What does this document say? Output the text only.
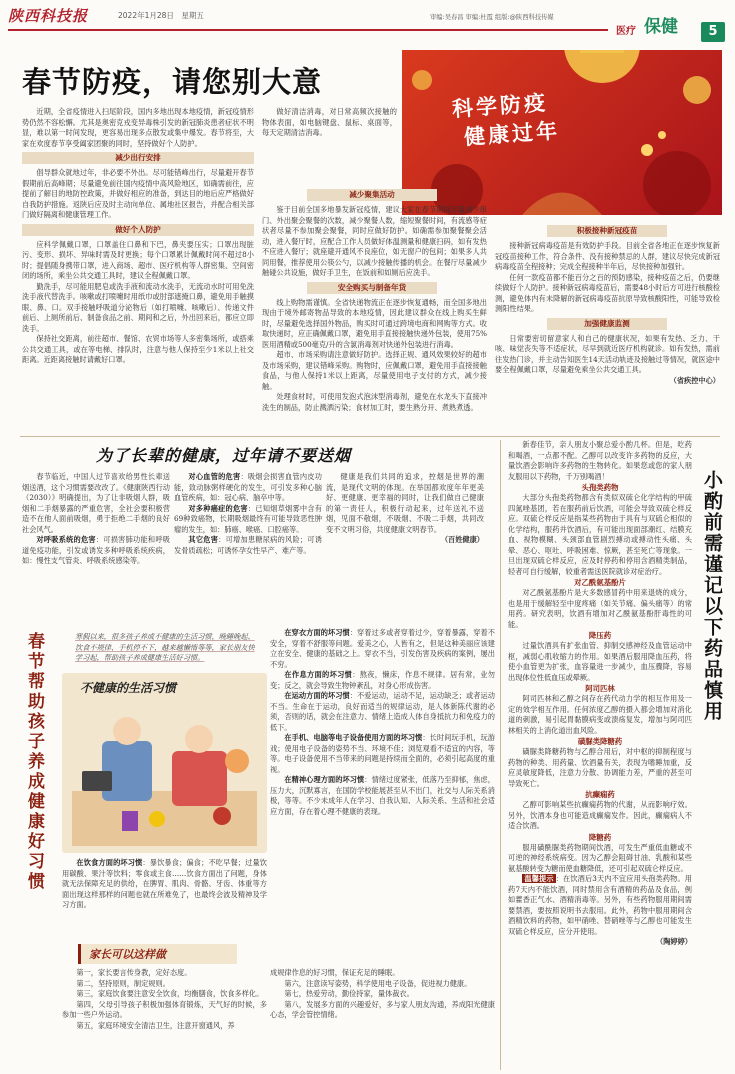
陕西科技报	2022年1月28日　星期五	审编:吴春昌 审编:杜霞 组版:@陕西科技传媒
医疗 保健	5
春节防疫，请您别大意
科学防疫
健康过年

近期，全省疫情进入扫尾阶段，国内多地出现本地疫情，新冠疫情形势仍然不容松懈。尤其是奥密克戎变异毒株引发的新冠肺炎患者症状不明显，难以第一时间发现，更容易出现多点散发或集中爆发。春节将至，大家在欢度春节享受阖家团聚的同时，坚持做好个人防护。

减少出行安排

倡导群众就地过年，非必要不外出。尽可能错峰出行，尽量避开春节假期前后高峰期；尽量避免前往国内疫情中高风险地区，如确需前往，应提前了解目的地防控政策，并做好相应的准备，到达目的地后应严格做好自我防护措施。返陕后应及时主动向单位、属地社区报告，并配合相关部门做好隔离和健康管理工作。

做好个人防护

应科学佩戴口罩，口罩盖住口鼻和下巴，鼻夹要压实；口罩出现脏污、变形、损坏、异味时需及时更换；每个口罩累计佩戴时间不超过8小时；提倡随身携带口罩，进入商场、超市、医疗机构等人群密集、空间密闭的场所，乘坐公共交通工具时，建议全程佩戴口罩。

勤洗手，尽可能用肥皂或洗手液和流动水洗手，无流动水时可用免洗洗手液代替洗手。咳嗽或打喷嚏时用纸巾或肘部遮掩口鼻，避免用手触摸眼、鼻、口。双手接触呼吸道分泌物后（如打喷嚏、咳嗽后）、传递文件前后、上厕所前后、制备食品之前、期间和之后，外出回来后，都应立即洗手。

保持社交距离，前往超市、餐馆、农贸市场等人多密集场所，或搭乘公共交通工具，或在等电梯、排队时，注意与他人保持至少1米以上社交距离。近距离接触时请戴好口罩。

做好清洁消毒，对日常高频次接触的物体表面，如电脑键盘、鼠标、桌面等，每天定期清洁消毒。

减少聚集活动

鉴于目前全国多地暴发新冠疫情，建议大家在春节期间尽量减少串门、外出聚会聚餐的次数，减少聚餐人数，缩短聚餐时间，有流感等症状者尽量不参加聚会聚餐，同时应做好防护。如确需参加聚餐聚会活动，进入餐厅时，应配合工作人员做好体温测量和健康扫码，如有发热不应进入餐厅；就座避开通风不良座位，如无窗户的包间；如果多人共同用餐，推荐使用公筷公勺，以减少接触传播的机会。在餐厅尽量减少触碰公共设施，做好手卫生，在饭前和如厕后应洗手。

安全购买与制备年货

线上购物需谨慎。全省快递物流正在逐步恢复通畅，而全国多地出现由于境外邮寄物品导致的本地疫情，因此建议群众在线上购买生鲜时，尽量避免选择国外物品，购买时可通过跨境电商和网购等方式。收取快递时，应正确佩戴口罩，避免用手直接接触快递外包装，使用75%医用酒精或500毫克/升的含氯消毒剂对快递外包装进行消毒。

超市、市场采购请注意做好防护。选择正规、通风效果较好的超市及市场采购，建议错峰采购。购物时，应佩戴口罩，避免用手直接接触食品，与他人保持1米以上距离，尽量使用电子支付的方式，减少接触。

处理食材时，可使用发泡式泡沫型消毒剂，避免在水龙头下直接冲洗生的制品，防止溅洒污染；食材加工时，要生熟分开、煮熟煮透。

积极接种新冠疫苗

接种新冠病毒疫苗是有效防护手段。目前全省各地正在逐步恢复新冠疫苗接种工作，符合条件、没有接种禁忌的人群，建议尽快完成新冠病毒疫苗全程接种；完成全程接种半年后，尽快接种加强针。

任何一款疫苗都不能百分之百的预防感染，接种疫苗之后，仍要继续做好个人防护。接种新冠病毒疫苗后，需要48小时后方可进行核酸检测，避免体内有未降解的新冠病毒疫苗抗原导致核酸阳性，可能导致检测阳性结果。

加强健康监测

日常要密切留意家人和自己的健康状况，如果有发热、乏力、干咳、味觉丧失等不适症状，尽早到就近医疗机构就诊。如有发热，需前往发热门诊，并主动告知医生14天活动轨迹及接触过等情况，就医途中要全程佩戴口罩，尽量避免乘坐公共交通工具。

（省疾控中心）
为了长辈的健康，过年请不要送烟

春节临近，中国人过节喜欢给男性长辈送烟送酒，这个习惯需要改改了。《健康陕西行动（2030）》明确提出，为了让非吸烟人群，吸烟和二手烟暴露的严重危害，全社会要积极营造不在他人面前吸烟，勇于拒绝二手烟的良好社会风气。

对呼吸系统的危害：可损害肺功能和呼吸道免疫功能，引发或诱发多种呼吸系统疾病，如：慢性支气管炎、呼吸系统感染等。

对心血管的危害：吸烟会损害血管内皮功能，致动脉粥样硬化的发生，可引发多种心脑血管疾病，如：冠心病、脑卒中等。

对多种癌症的危害：已知烟草烟雾中含有69种致癌物，长期吸烟最终有可能导致恶性肿瘤的发生，如：肺癌、喉癌、口腔癌等。

其它危害：可增加患糖尿病的风险；可诱发骨质疏松；可诱怀孕女性早产、难产等。

健康是我们共同的追求，控烟是世界的潮流，是现代文明的体现。在举国都欢度年年更美好、更健康、更幸福的同时，让我们做自己健康的第一责任人，积极行动起来，过年送礼不送烟，见面不敬烟，不吸烟、不吸二手烟，共同改变不文明习俗，共度健康文明春节。

（百姓健康）	小酌前需谨记以下药品慎用

新春佳节，亲人朋友小聚总爱小酌几杯。但是，吃药和喝酒，一点都不配。乙醇可以改变许多药物的反应，大量饮酒会影响许多药物的生物转化。如果您或您的家人朋友服用以下药物，千万别喝酒！

头孢类药物

大部分头孢类药物都含有类似双硫仑化学结构的甲硫四氮唑基团，若在服药前后饮酒，可能会导致双硫仑样反应。双硫仑样反应是指某些药物由于具有与双硫仑相似的化学结构，服药并饮酒后，有可能出现面部潮红、结膜充血、视物模糊、头颈部血管剧烈搏动或搏动性头痛、头晕、恶心、呕吐、呼吸困难、惊厥，甚至死亡等现象。一旦出现双硫仑样反应，应及时停药和停用含酒精类制品，轻者可自行缓解，较重者需送医院就诊对症治疗。

对乙酰氨基酚片

对乙酰氨基酚片是大多数感冒药中用来退烧的成分，也是用于缓解轻至中度疼痛（如关节痛、偏头痛等）的常用药。研究表明，饮酒有增加对乙酰氨基酚肝毒性的可能。

降压药

过量饮酒具有扩张血管、抑制交感神经及血管运动中枢，减弱心肌收缩力的作用。如果酒后服用降血压药，将使小血管更为扩张，血容量进一步减少，血压骤降，容易出现体位性低血压或晕厥。

阿司匹林

阿司匹林和乙醇之间存在药代动力学的相互作用及一定的效学相互作用。任何浓度乙醇的摄入都会增加对消化道的刺激，易引起胃黏膜病变或溃疡复发，增加与阿司匹林相关的上消化道出血风险。

磺脲类降糖药

磺脲类降糖药物与乙醇合用后，对中枢的抑制程度与药物的种类、用药量、饮酒量有关，表现为嗜睡加重，反应灵敏度降低，注意力分散、协调能力差，严重的甚至可导致死亡。

抗癫痫药

乙醇可影响某些抗癫痫药物的代谢，从而影响疗效。另外，饮酒本身也可能造成癫痫发作。因此，癫痫病人不适合饮酒。

降糖药

服用磺酰脲类药物期间饮酒，可发生严重低血糖或不可逆的神经系统病变。因为乙醇会阻碍甘油、乳酸和某些氨基酸转变为糖而使血糖降低，还可引起双硫仑样反应。

温馨提示 ：在饮酒后3天内不宜应用头孢类药物。用药7天内不能饮酒，同时禁用含有酒精的药品及食品，例如藿香正气水、酒精消毒等。另外，有些药物服用期间需要禁酒，要按照说明书去服用。此外，药物中服用期间含酒精饮料的药物，如甲硝唑、替硝唑等与乙醇也可能发生双硫仑样反应，应分开使用。

（陶婷婷）
春节帮助孩子养成健康好习惯	寒假以来，很多孩子养成不健康的生活习惯，晚睡晚起、饮食不规律、手机停不下，越来越懒惰等等，家长朋友快学习起，帮助孩子养成健康生活好习惯。
不健康的生活习惯

在饮食方面的坏习惯：暴饮暴食；偏食；不吃早餐；过量饮用碳酸、果汁等饮料；零食或主食……饮食方面出了问题，身体就无法保障充足的供给，在脾胃、肌肉、骨骼、牙齿、体重等方面出现这样那样的问题也就在所难免了，也最终会波及精神及学习方面。

在穿衣方面的坏习惯：穿着过多或者穿着过少，穿着暴露，穿着不安全，穿着不舒服等问题。爱美之心，人皆有之，但是这种美丽应该建立在安全、健康的基础之上。穿衣不当，引发伤害及疾病的案例，屡出不穷。

在作息方面的坏习惯：熬夜，懒床，作息不规律。居有常，业勿变；反之，就会导致生物钟紊乱，对身心形成伤害。

在运动方面的坏习惯：不爱运动，运动不足，运动缺乏；或者运动不当。生命在于运动，良好而适当的规律运动，是人体新陈代谢的必须，否则的话，就会在注意力、情绪上造成人体自身抵抗力和免疫力的低下。

在手机、电脑等电子设备使用方面的坏习惯：长时间玩手机，玩游戏；使用电子设备的姿势不当、环境不佳；浏览观看不适宜的内容，等等。电子设备使用不当带来的问题是持续而全面的，必须引起高度的重视。

在精神心理方面的坏习惯：情绪过度紧张，低落乃至抑郁，焦虑，压力大，沉默寡言，在国防学校能展甚至从不出门，社交与人际关系消极，等等。不少未成年人在学习、自我认知、人际关系、生活和社会适应方面，存在着心理不健康的表现。

家长可以这样做

第一，家长要言传身教，定好态度。

第二，坚持原则，制定规则。

第三，家庭饮食要注意安全饮食，均衡膳食，饮食多样化。

第四，父母引导孩子积极加强体育锻炼，天气好的时候，多参加一些户外运动。

第五，家庭环境安全清洁卫生，注意开窗通风，养

成规律作息的好习惯，保证充足的睡眠。

第六，注意读写姿势，科学使用电子设备，促进视力健康。

第七，热爱劳动，勤俭持家，量体裁衣。

第八，发展多方面的兴趣爱好，多与家人朋友沟通，养成阳光健康心态，学会管控情绪。
